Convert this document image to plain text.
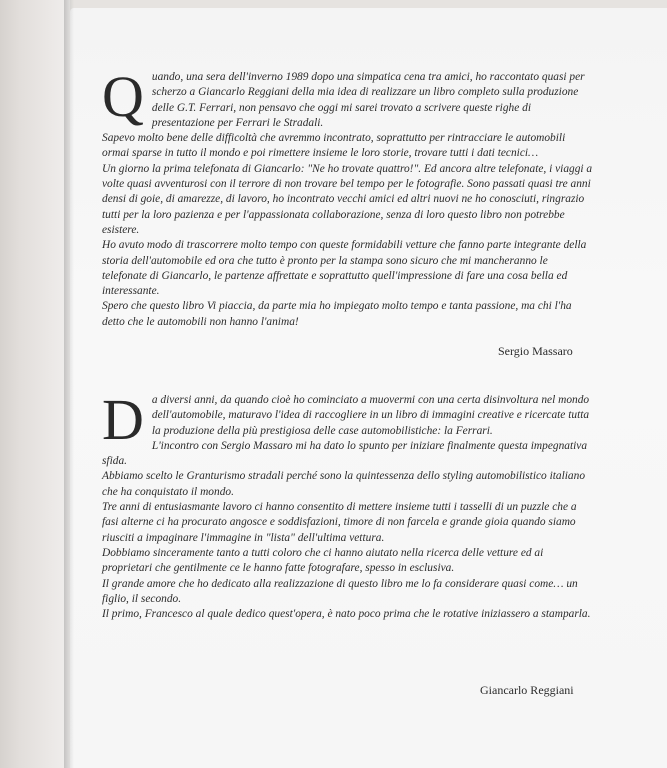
Q uando, una sera dell'inverno 1989 dopo una simpatica cena tra amici, ho raccontato quasi per scherzo a Giancarlo Reggiani della mia idea di realizzare un libro completo sulla produzione delle G.T. Ferrari, non pensavo che oggi mi sarei trovato a scrivere queste righe di presentazione per Ferrari le Stradali.

Sapevo molto bene delle difficoltà che avremmo incontrato, soprattutto per rintracciare le automobili ormai sparse in tutto il mondo e poi rimettere insieme le loro storie, trovare tutti i dati tecnici…

Un giorno la prima telefonata di Giancarlo: "Ne ho trovate quattro!". Ed ancora altre telefonate, i viaggi a volte quasi avventurosi con il terrore di non trovare bel tempo per le fotografie. Sono passati quasi tre anni densi di goie, di amarezze, di lavoro, ho incontrato vecchi amici ed altri nuovi ne ho conosciuti, ringrazio tutti per la loro pazienza e per l'appassionata collaborazione, senza di loro questo libro non potrebbe esistere.

Ho avuto modo di trascorrere molto tempo con queste formidabili vetture che fanno parte integrante della storia dell'automobile ed ora che tutto è pronto per la stampa sono sicuro che mi mancheranno le telefonate di Giancarlo, le partenze affrettate e soprattutto quell'impressione di fare una cosa bella ed interessante.

Spero che questo libro Vi piaccia, da parte mia ho impiegato molto tempo e tanta passione, ma chi l'ha detto che le automobili non hanno l'anima!

Sergio Massaro
D a diversi anni, da quando cioè ho cominciato a muovermi con una certa disinvoltura nel mondo dell'automobile, maturavo l'idea di raccogliere in un libro di immagini creative e ricercate tutta la produzione della più prestigiosa delle case automobilistiche: la Ferrari.

L'incontro con Sergio Massaro mi ha dato lo spunto per iniziare finalmente questa impegnativa sfida.

Abbiamo scelto le Granturismo stradali perché sono la quintessenza dello styling automobilistico italiano che ha conquistato il mondo.

Tre anni di entusiasmante lavoro ci hanno consentito di mettere insieme tutti i tasselli di un puzzle che a fasi alterne ci ha procurato angosce e soddisfazioni, timore di non farcela e grande gioia quando siamo riusciti a impaginare l'immagine in "lista" dell'ultima vettura.

Dobbiamo sinceramente tanto a tutti coloro che ci hanno aiutato nella ricerca delle vetture ed ai proprietari che gentilmente ce le hanno fatte fotografare, spesso in esclusiva.

Il grande amore che ho dedicato alla realizzazione di questo libro me lo fa considerare quasi come… un figlio, il secondo.

Il primo, Francesco al quale dedico quest'opera, è nato poco prima che le rotative iniziassero a stamparla.

Giancarlo Reggiani
